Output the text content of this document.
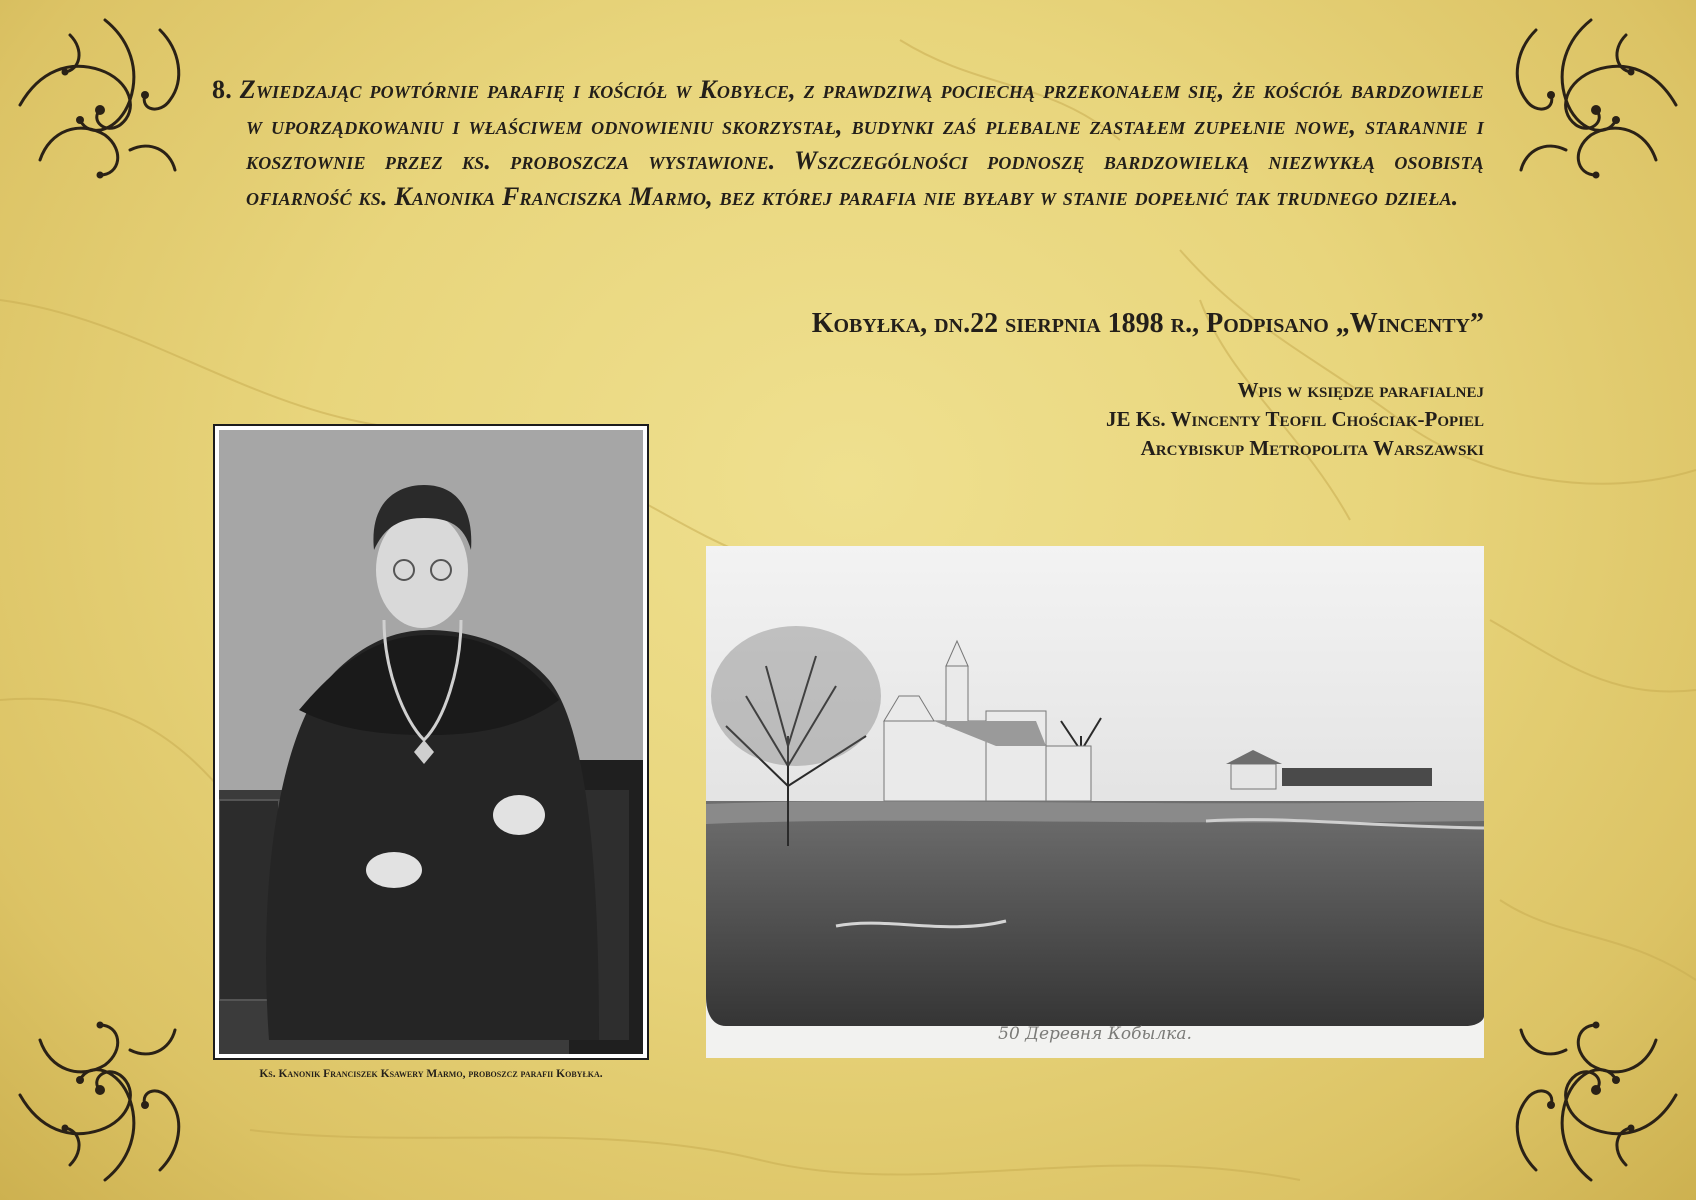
8. Zwiedzając powtórnie parafię i kościół w Kobyłce, z prawdziwą pociechą przekonałem się, że kościół bardzowiele w uporządkowaniu i właściwem odnowieniu skorzystał, budynki zaś plebalne zastałem zupełnie nowe, starannie i kosztownie przez ks. proboszcza wystawione. Wszczególności podnoszę bardzowielką niezwykłą osobistą ofiarność ks. Kanonika Franciszka Marmo, bez której parafia nie byłaby w stanie dopełnić tak trudnego dzieła.

Kobyłka, dn.22 sierpnia 1898 r., Podpisano „Wincenty”
Wpis w księdze parafialnej
JE Ks. Wincenty Teofil Chościak-Popiel
Arcybiskup Metropolita Warszawski
Ks. Kanonik Franciszek Ksawery Marmo, proboszcz parafii Kobyłka.
50 Деревня Кобылка.
